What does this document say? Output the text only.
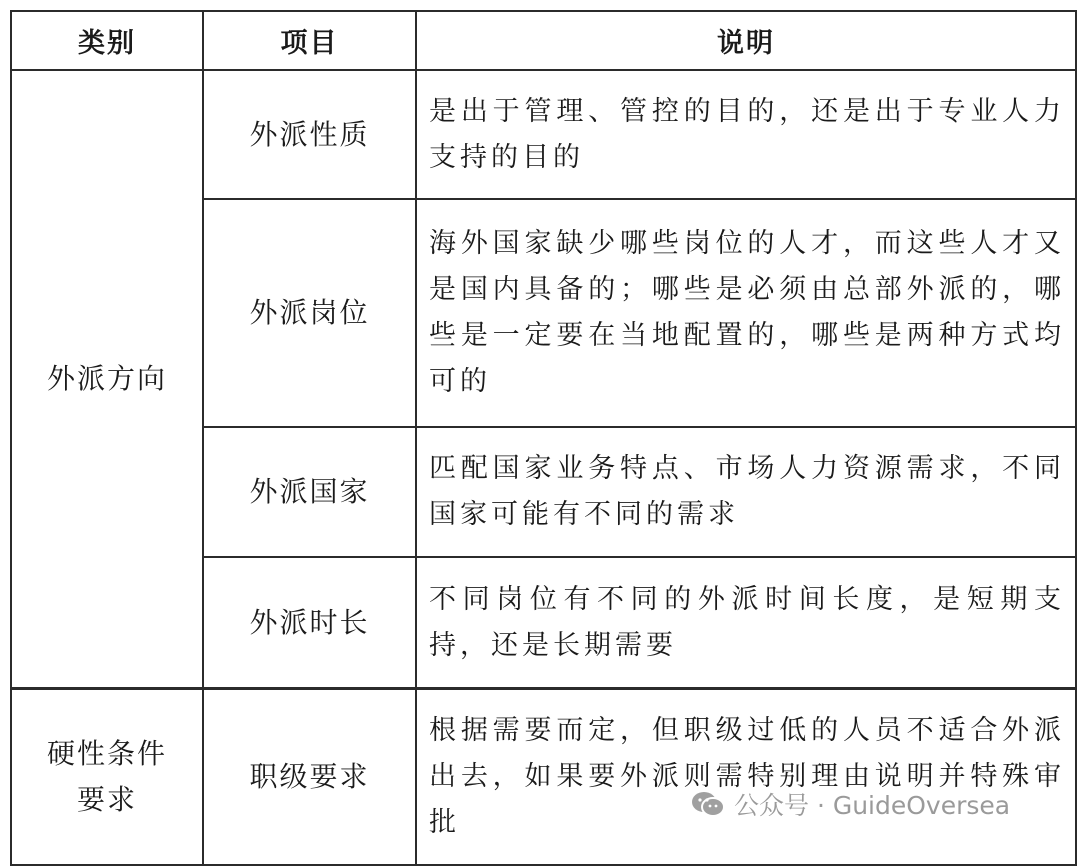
类别	项目	说明
外派方向	外派性质	是出于管理、管控的目的，还是出于专业人力支持的目的
	外派岗位	海外国家缺少哪些岗位的人才，而这些人才又是国内具备的；哪些是必须由总部外派的，哪些是一定要在当地配置的，哪些是两种方式均可的
	外派国家	匹配国家业务特点、市场人力资源需求，不同国家可能有不同的需求
	外派时长	不同岗位有不同的外派时间长度，是短期支持，还是长期需要
硬性条件要求	职级要求	根据需要而定，但职级过低的人员不适合外派出去，如果要外派则需特别理由说明并特殊审批
公众号 · GuideOversea
